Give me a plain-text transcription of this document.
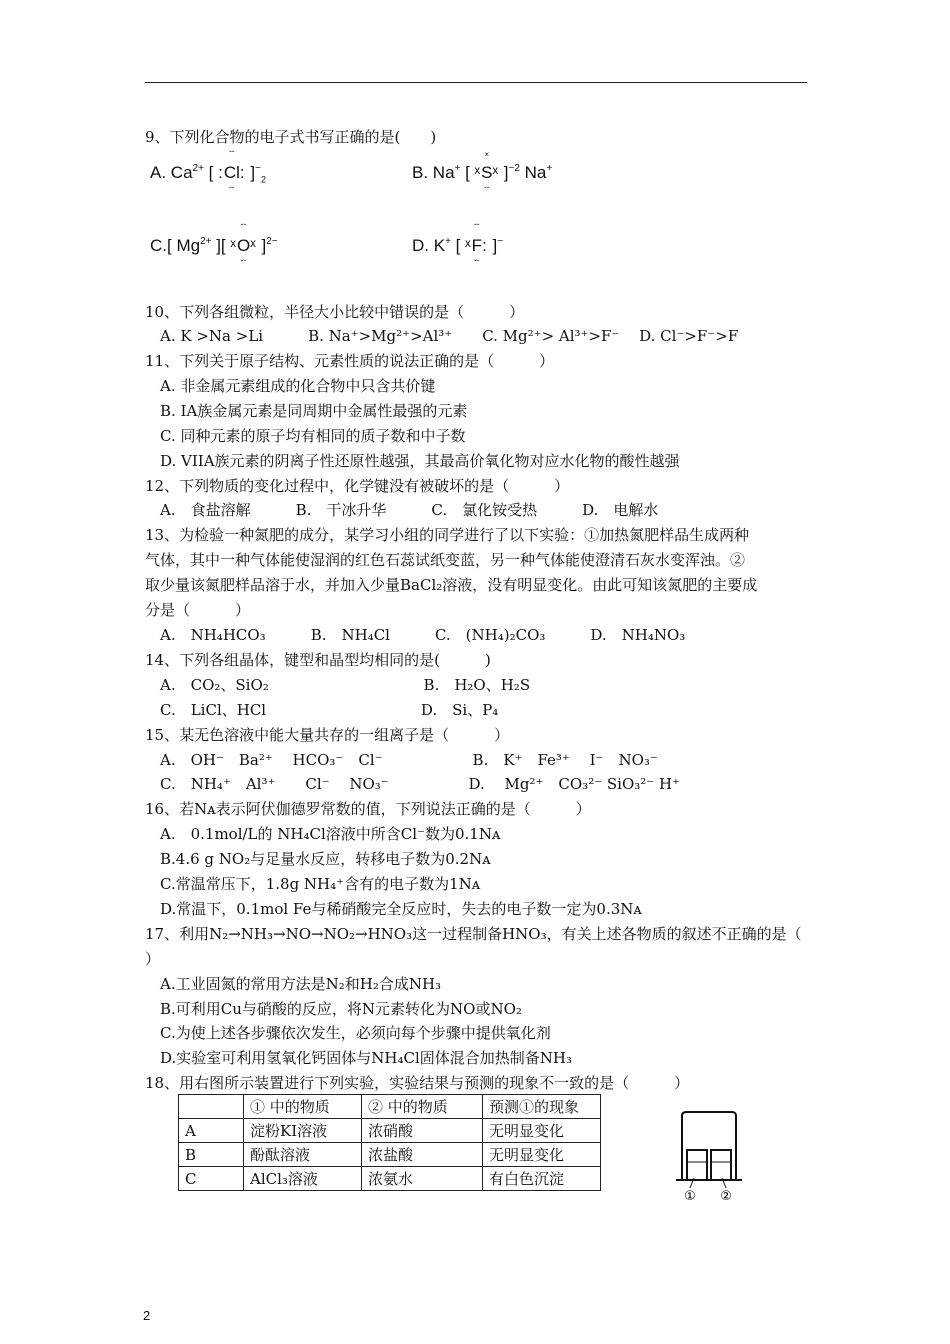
9、下列化合物的电子式书写正确的是(　　)
A. $Ca^{2+}$ [ :
ˇˇ
Cl
ˇˇ
: ]$^-_2$	B. Na+ [ ˣ
×
S
ˇˇ
ˣ ]$^{-2}$ Na+
C.[ $Mg^{2+}$ ][ ˣ
ˇˇ
O
ˇˇ
ˣ ]$^{2-}$	D. K+ [ ˣ
ˇˇ
F
ˇˇ
: ]−
10、下列各组微粒，半径大小比较中错误的是（　　　）
A. K >Na >Li　　　B. Na⁺>Mg²⁺>Al³⁺　　C. Mg²⁺> Al³⁺>F⁻　 D. Cl⁻>F⁻>F
11、下列关于原子结构、元素性质的说法正确的是（　　　）
A. 非金属元素组成的化合物中只含共价键
B. IA族金属元素是同周期中金属性最强的元素
C. 同种元素的原子均有相同的质子数和中子数
D. VIIA族元素的阴离子性还原性越强，其最高价氧化物对应水化物的酸性越强
12、下列物质的变化过程中，化学键没有被破坏的是（　　　）
A.　食盐溶解　　　B.　干冰升华　　　C.　氯化铵受热　　　D.　电解水
13、为检验一种氮肥的成分，某学习小组的同学进行了以下实验：①加热氮肥样品生成两种
气体，其中一种气体能使湿润的红色石蕊试纸变蓝，另一种气体能使澄清石灰水变浑浊。②
取少量该氮肥样品溶于水，并加入少量BaCl₂溶液，没有明显变化。由此可知该氮肥的主要成
分是（　　　）
A.　NH₄HCO₃　　　B.　NH₄Cl　　　C.　(NH₄)₂CO₃　　　D.　NH₄NO₃
14、下列各组晶体，键型和晶型均相同的是(　　　)
A.　CO₂、SiO₂　　　　　　　　　　 B.　H₂O、H₂S
C.　LiCl、HCl　　　　　　　　　　 D.　Si、P₄
15、某无色溶液中能大量共存的一组离子是（　　　）
A.　OH⁻　Ba²⁺　 HCO₃⁻　Cl⁻　　　　　　B.　K⁺　Fe³⁺　 I⁻　NO₃⁻
C.　NH₄⁺　Al³⁺　　Cl⁻　 NO₃⁻　　　　　 D.　 Mg²⁺　CO₃²⁻ SiO₃²⁻ H⁺
16、若Nᴀ表示阿伏伽德罗常数的值，下列说法正确的是（　　　）
A.　0.1mol/L的 NH₄Cl溶液中所含Cl⁻数为0.1Nᴀ
B.4.6 g NO₂与足量水反应，转移电子数为0.2Nᴀ
C.常温常压下，1.8g NH₄⁺含有的电子数为1Nᴀ
D.常温下，0.1mol Fe与稀硝酸完全反应时，失去的电子数一定为0.3Nᴀ
17、利用N₂→NH₃→NO→NO₂→HNO₃这一过程制备HNO₃，有关上述各物质的叙述不正确的是（
）
A.工业固氮的常用方法是N₂和H₂合成NH₃
B.可利用Cu与硝酸的反应，将N元素转化为NO或NO₂
C.为使上述各步骤依次发生，必须向每个步骤中提供氧化剂
D.实验室可利用氢氧化钙固体与NH₄Cl固体混合加热制备NH₃
18、用右图所示装置进行下列实验，实验结果与预测的现象不一致的是（　　　）
	① 中的物质	② 中的物质	预测①的现象
A	淀粉KI溶液	浓硝酸	无明显变化
B	酚酞溶液	浓盐酸	无明显变化
C	AlCl₃溶液	浓氨水	有白色沉淀
① ②
2
